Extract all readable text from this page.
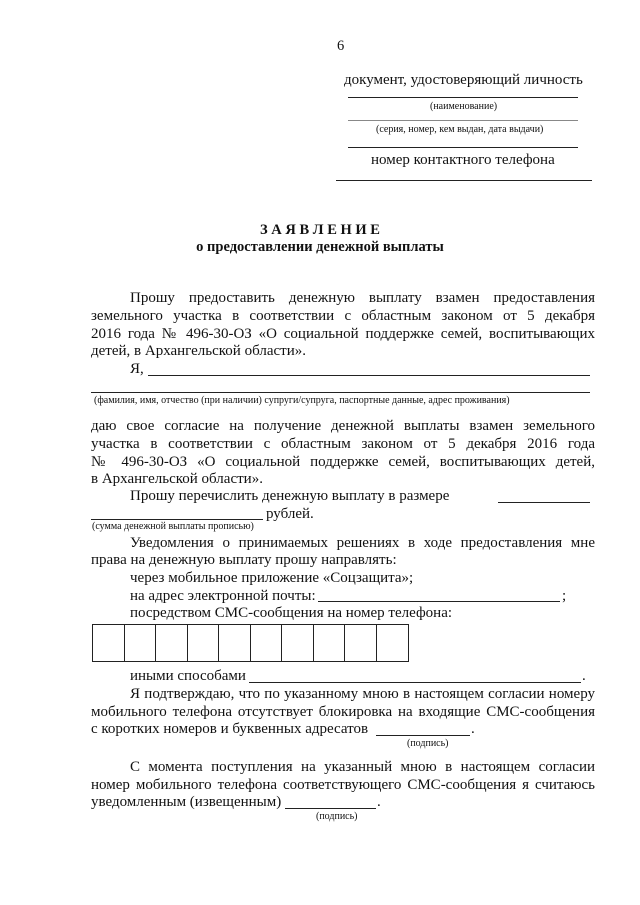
6
документ, удостоверяющий личность
(наименование)
(серия, номер, кем выдан, дата выдачи)
номер контактного телефона
З А Я В Л Е Н И Е
о предоставлении денежной выплаты
Прошу предоставить денежную выплату взамен предоставления
земельного участка в соответствии с областным законом от 5 декабря
2016 года № 496-30-ОЗ «О социальной поддержке семей, воспитывающих
детей, в Архангельской области».
Я,
(фамилия, имя, отчество (при наличии) супруги/супруга, паспортные данные, адрес проживания)
даю свое согласие на получение денежной выплаты взамен земельного
участка в соответствии с областным законом от 5 декабря 2016 года
№ 496-30-ОЗ «О социальной поддержке семей, воспитывающих детей,
в Архангельской области».
Прошу перечислить денежную выплату в размере
рублей.
(сумма денежной выплаты прописью)
Уведомления о принимаемых решениях в ходе предоставления мне
права на денежную выплату прошу направлять:
через мобильное приложение «Соцзащита»;
на адрес электронной почты:	;
посредством СМС-сообщения на номер телефона:
иными способами	.
Я подтверждаю, что по указанному мною в настоящем согласии номеру
мобильного телефона отсутствует блокировка на входящие СМС-сообщения
с коротких номеров и буквенных адресатов	.
(подпись)
С момента поступления на указанный мною в настоящем согласии
номер мобильного телефона соответствующего СМС-сообщения я считаюсь
уведомленным (извещенным)	.
(подпись)
